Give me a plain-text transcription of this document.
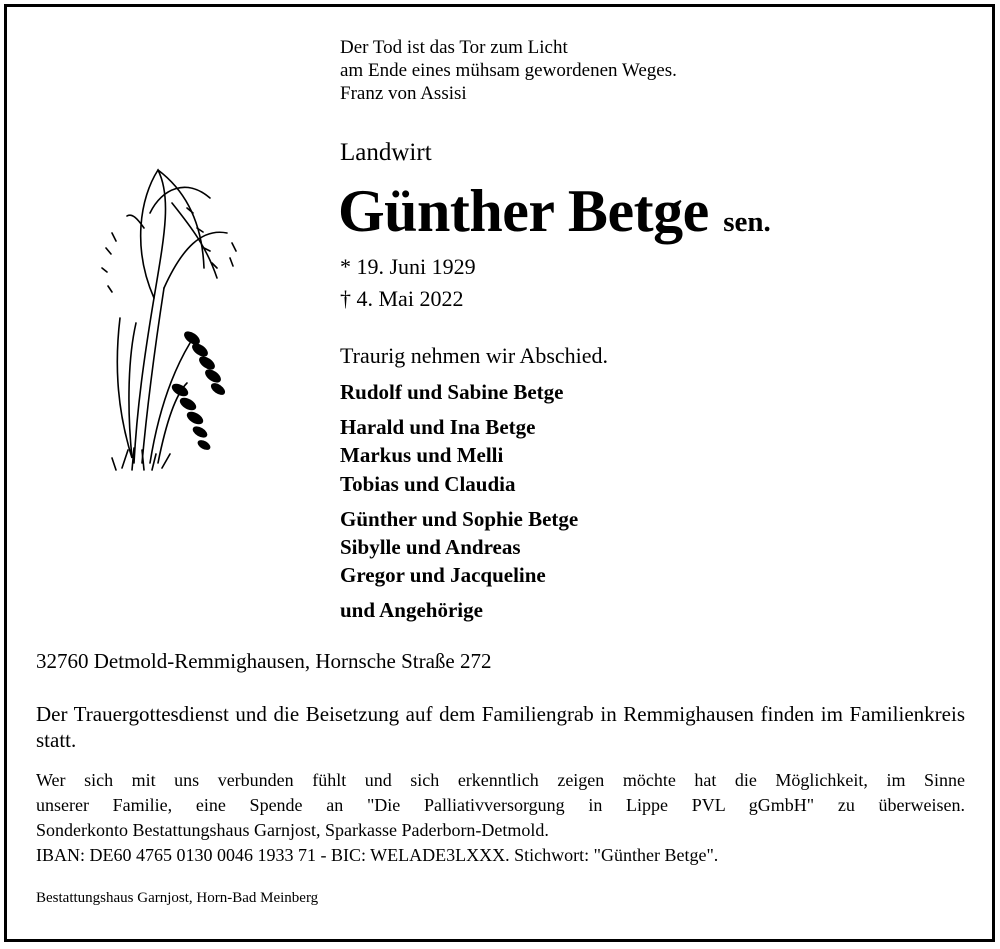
Der Tod ist das Tor zum Licht
am Ende eines mühsam gewordenen Weges.
Franz von Assisi
Landwirt
Günther Betge sen.
* 19. Juni 1929
† 4. Mai 2022
Traurig nehmen wir Abschied.
Rudolf und Sabine Betge
Harald und Ina Betge
Markus und Melli
Tobias und Claudia
Günther und Sophie Betge
Sibylle und Andreas
Gregor und Jacqueline
und Angehörige
32760 Detmold-Remmighausen, Hornsche Straße 272
Der Trauergottesdienst und die Beisetzung auf dem Familiengrab in Remmighausen finden im Familienkreis statt.
Wer sich mit uns verbunden fühlt und sich erkenntlich zeigen möchte hat die Möglichkeit, im Sinne
unserer Familie, eine Spende an "Die Palliativversorgung in Lippe PVL gGmbH" zu überweisen.
Sonderkonto Bestattungshaus Garnjost, Sparkasse Paderborn-Detmold.
IBAN: DE60 4765 0130 0046 1933 71 - BIC: WELADE3LXXX. Stichwort: "Günther Betge".
Bestattungshaus Garnjost, Horn-Bad Meinberg
